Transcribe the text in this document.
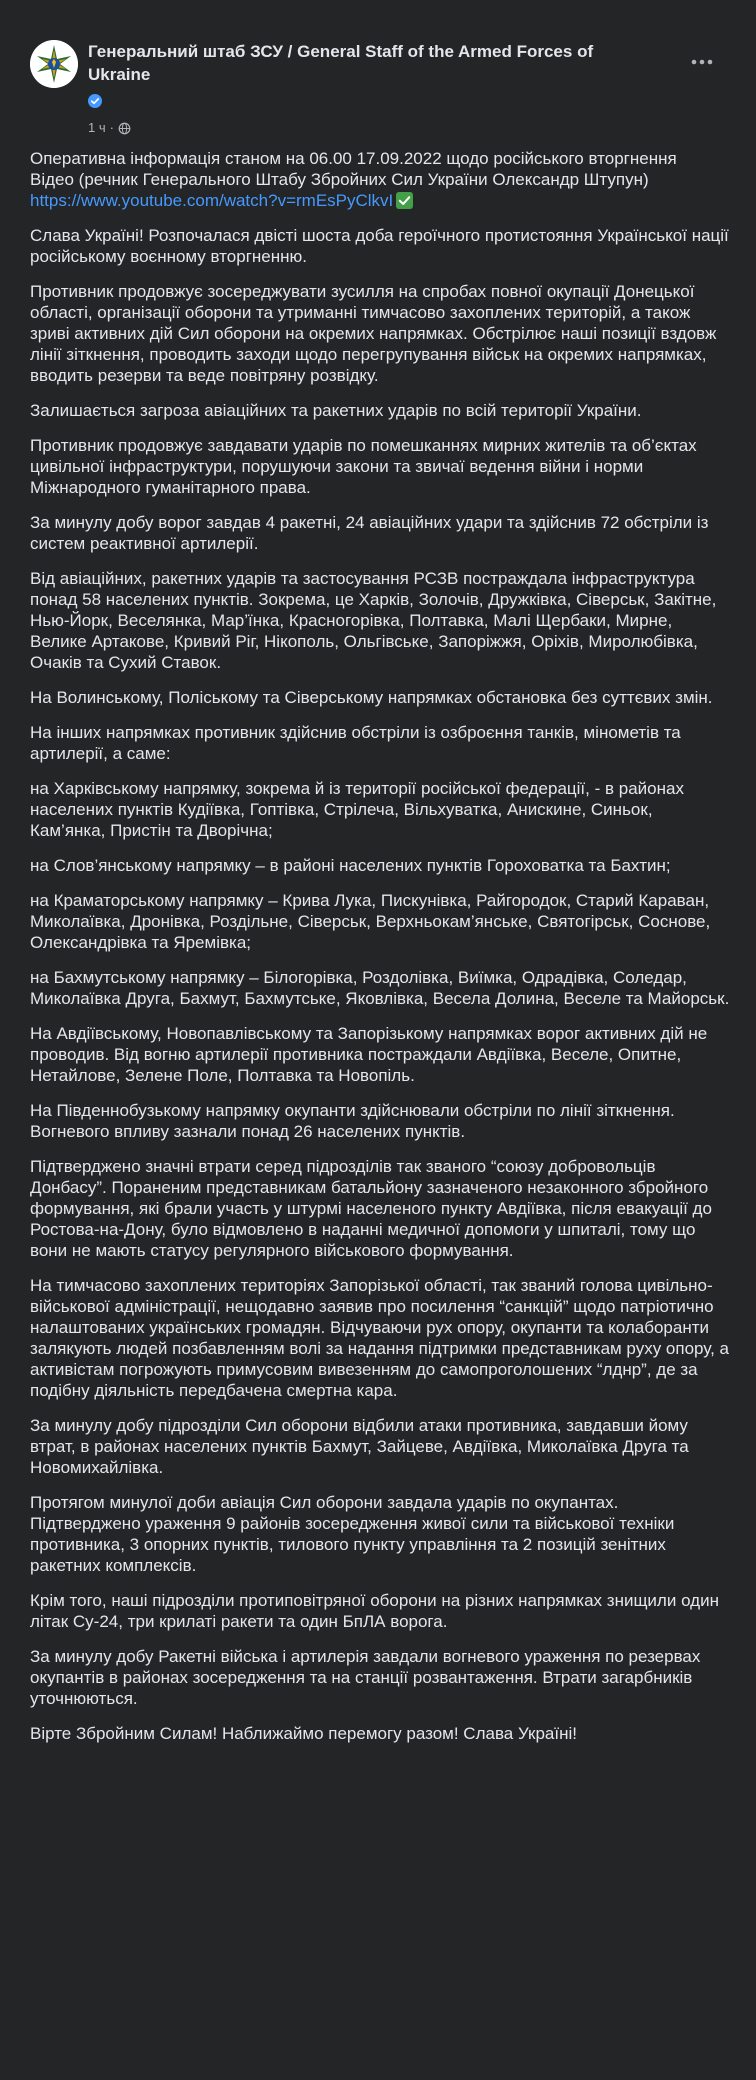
Генеральний штаб ЗСУ / General Staff of the Armed Forces of Ukraine
1 ч ·

Оперативна інформація станом на 06.00 17.09.2022 щодо російського вторгнення
Відео (речник Генерального Штабу Збройних Сил України Олександр Штупун)
https://www.youtube.com/watch?v=rmEsPyClkvI

Слава Україні! Розпочалася двісті шоста доба героїчного протистояння Української нації російському воєнному вторгненню.

Противник продовжує зосереджувати зусилля на спробах повної окупації Донецької області, організації оборони та утриманні тимчасово захоплених територій, а також зриві активних дій Сил оборони на окремих напрямках. Обстрілює наші позиції вздовж лінії зіткнення, проводить заходи щодо перегрупування військ на окремих напрямках, вводить резерви та веде повітряну розвідку.

Залишається загроза авіаційних та ракетних ударів по всій території України.

Противник продовжує завдавати ударів по помешканнях мирних жителів та об’єктах цивільної інфраструктури, порушуючи закони та звичаї ведення війни і норми Міжнародного гуманітарного права.

За минулу добу ворог завдав 4 ракетні, 24 авіаційних удари та здійснив 72 обстріли із систем реактивної артилерії.

Від авіаційних, ракетних ударів та застосування РСЗВ постраждала інфраструктура понад 58 населених пунктів. Зокрема, це Харків, Золочів, Дружківка, Сіверськ, Закітне, Нью-Йорк, Веселянка, Мар’їнка, Красногорівка, Полтавка, Малі Щербаки, Мирне, Велике Артакове, Кривий Ріг, Нікополь, Ольгівське, Запоріжжя, Оріхів, Миролюбівка, Очаків та Сухий Ставок.

На Волинському, Поліському та Сіверському напрямках обстановка без суттєвих змін.

На інших напрямках противник здійснив обстріли із озброєння танків, мінометів та артилерії, а саме:

на Харківському напрямку, зокрема й із території російської федерації, - в районах населених пунктів Кудіївка, Гоптівка, Стрілеча, Вільхуватка, Анискине, Синьок, Кам’янка, Пристін та Дворічна;

на Слов’янському напрямку – в районі населених пунктів Гороховатка та Бахтин;

на Краматорському напрямку – Крива Лука, Пискунівка, Райгородок, Старий Караван, Миколаївка, Дронівка, Роздільне, Сіверськ, Верхньокам’янське, Святогірськ, Соснове, Олександрівка та Яремівка;

на Бахмутському напрямку – Білогорівка, Роздолівка, Виїмка, Одрадівка, Соледар, Миколаївка Друга, Бахмут, Бахмутське, Яковлівка, Весела Долина, Веселе та Майорськ.

На Авдіївському, Новопавлівському та Запорізькому напрямках ворог активних дій не проводив. Від вогню артилерії противника постраждали Авдіївка, Веселе, Опитне, Нетайлове, Зелене Поле, Полтавка та Новопіль.

На Південнобузькому напрямку окупанти здійснювали обстріли по лінії зіткнення. Вогневого впливу зазнали понад 26 населених пунктів.

Підтверджено значні втрати серед підрозділів так званого “союзу добровольців Донбасу”. Пораненим представникам батальйону зазначеного незаконного збройного формування, які брали участь у штурмі населеного пункту Авдіївка, після евакуації до Ростова-на-Дону, було відмовлено в наданні медичної допомоги у шпиталі, тому що вони не мають статусу регулярного військового формування.

На тимчасово захоплених територіях Запорізької області, так званий голова цивільно-військової адміністрації, нещодавно заявив про посилення “санкцій” щодо патріотично налаштованих українських громадян. Відчуваючи рух опору, окупанти та колаборанти залякують людей позбавленням волі за надання підтримки представникам руху опору, а активістам погрожують примусовим вивезенням до самопроголошених “лднр”, де за подібну діяльність передбачена смертна кара.

За минулу добу підрозділи Сил оборони відбили атаки противника, завдавши йому втрат, в районах населених пунктів Бахмут, Зайцеве, Авдіївка, Миколаївка Друга та Новомихайлівка.

Протягом минулої доби авіація Сил оборони завдала ударів по окупантах. Підтверджено ураження 9 районів зосередження живої сили та військової техніки противника, 3 опорних пунктів, тилового пункту управління та 2 позицій зенітних ракетних комплексів.

Крім того, наші підрозділи протиповітряної оборони на різних напрямках знищили один літак Су-24, три крилаті ракети та один БпЛА ворога.

За минулу добу Ракетні війська і артилерія завдали вогневого ураження по резервах окупантів в районах зосередження та на станції розвантаження. Втрати загарбників уточнюються.

Вірте Збройним Силам! Наближаймо перемогу разом! Слава Україні!
